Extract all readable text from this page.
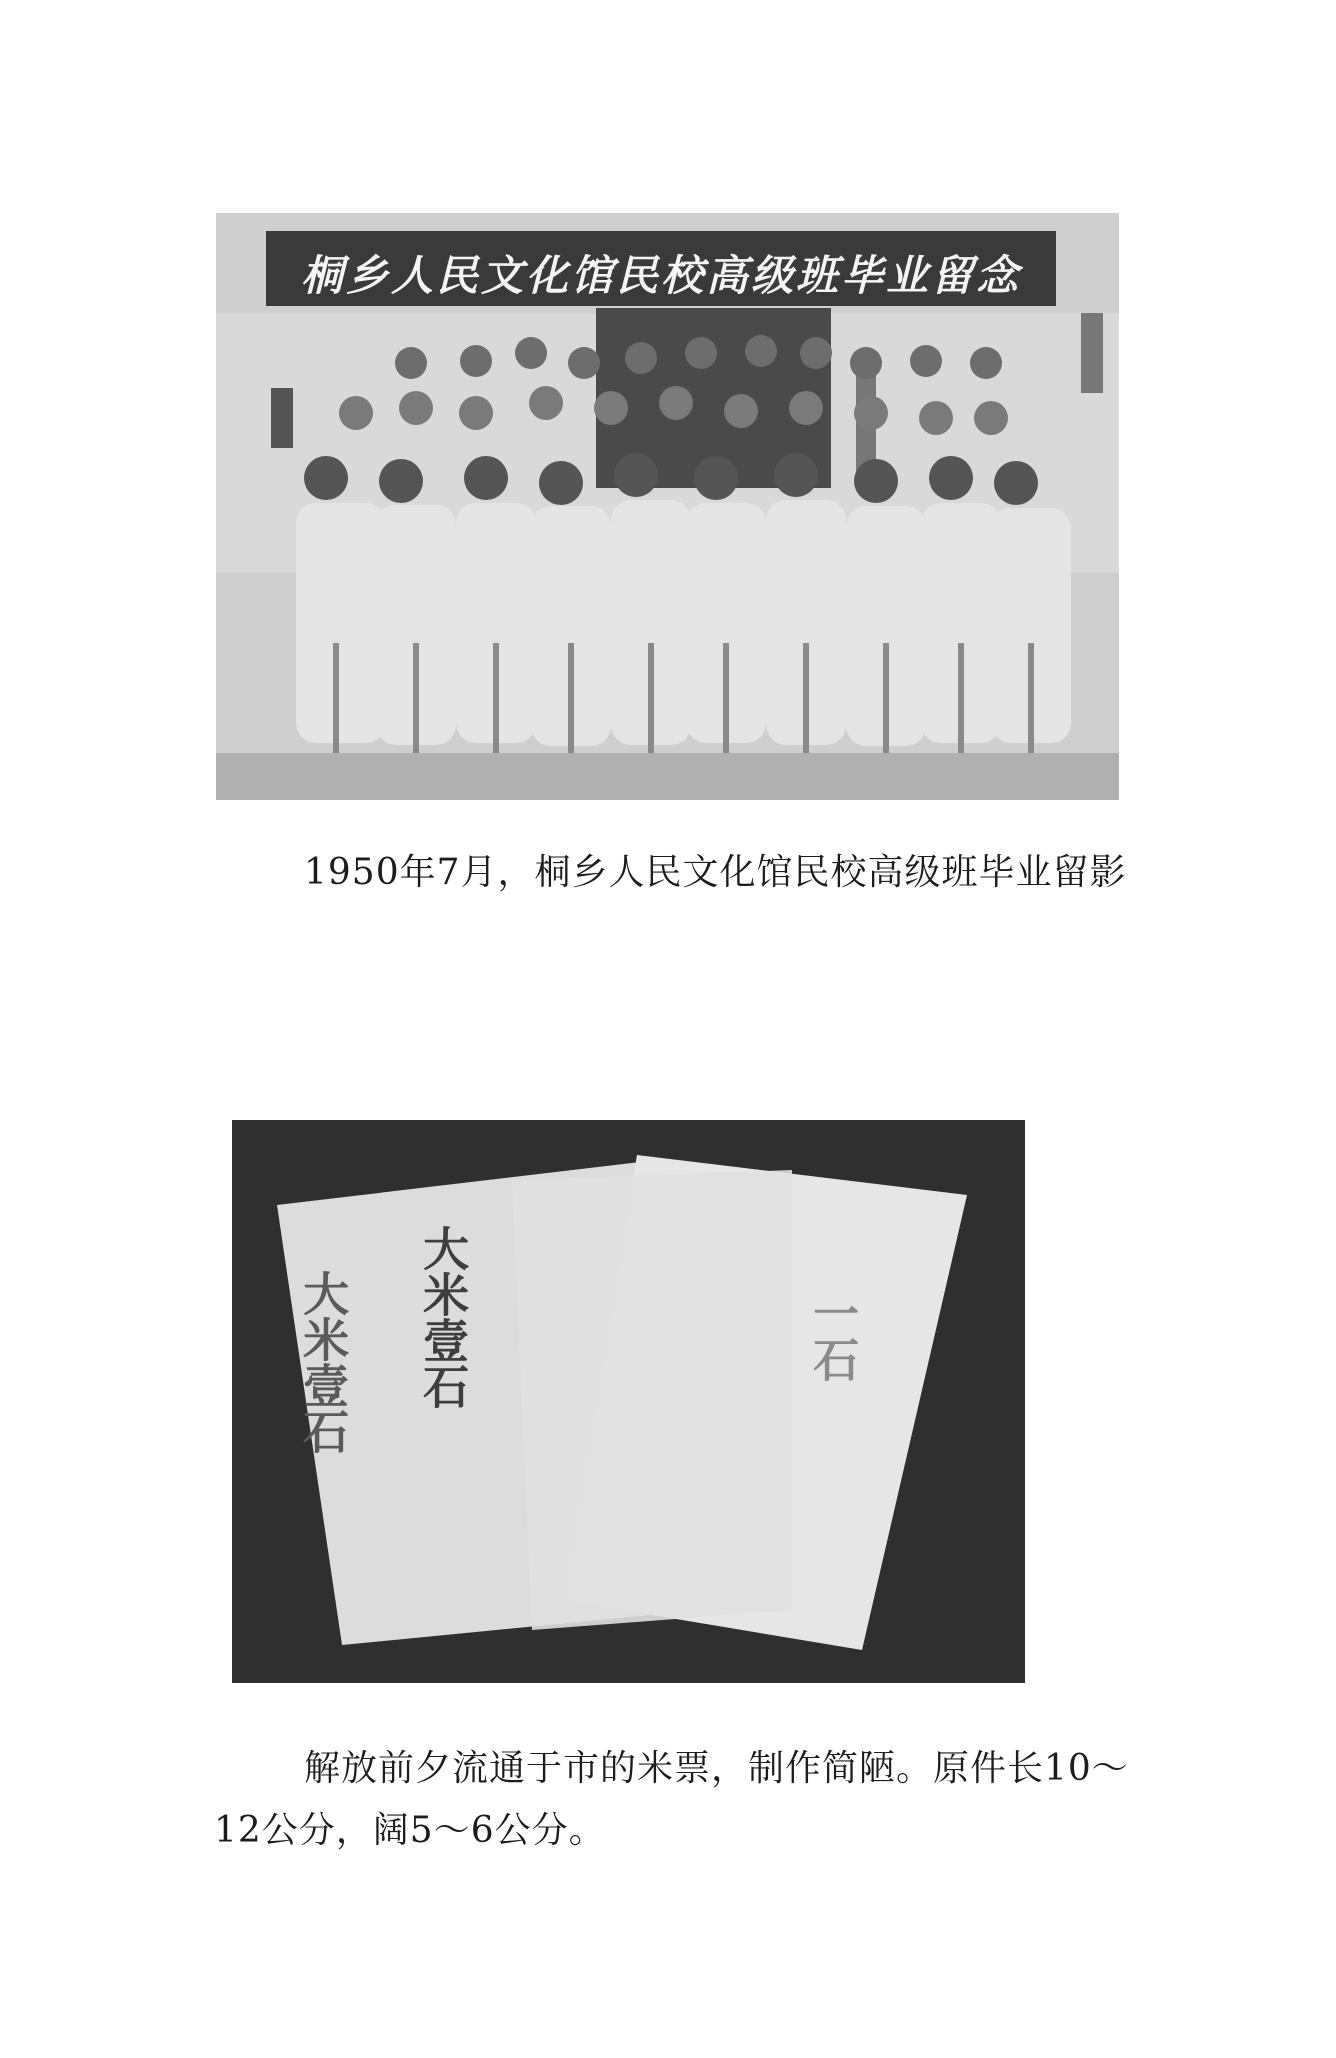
桐乡人民文化馆民校高级班毕业留念

1950年7月，桐乡人民文化馆民校高级班毕业留影

大米壹石 大米壹石	一石

解放前夕流通于市的米票，制作简陋。原件长10～12公分，阔5～6公分。
